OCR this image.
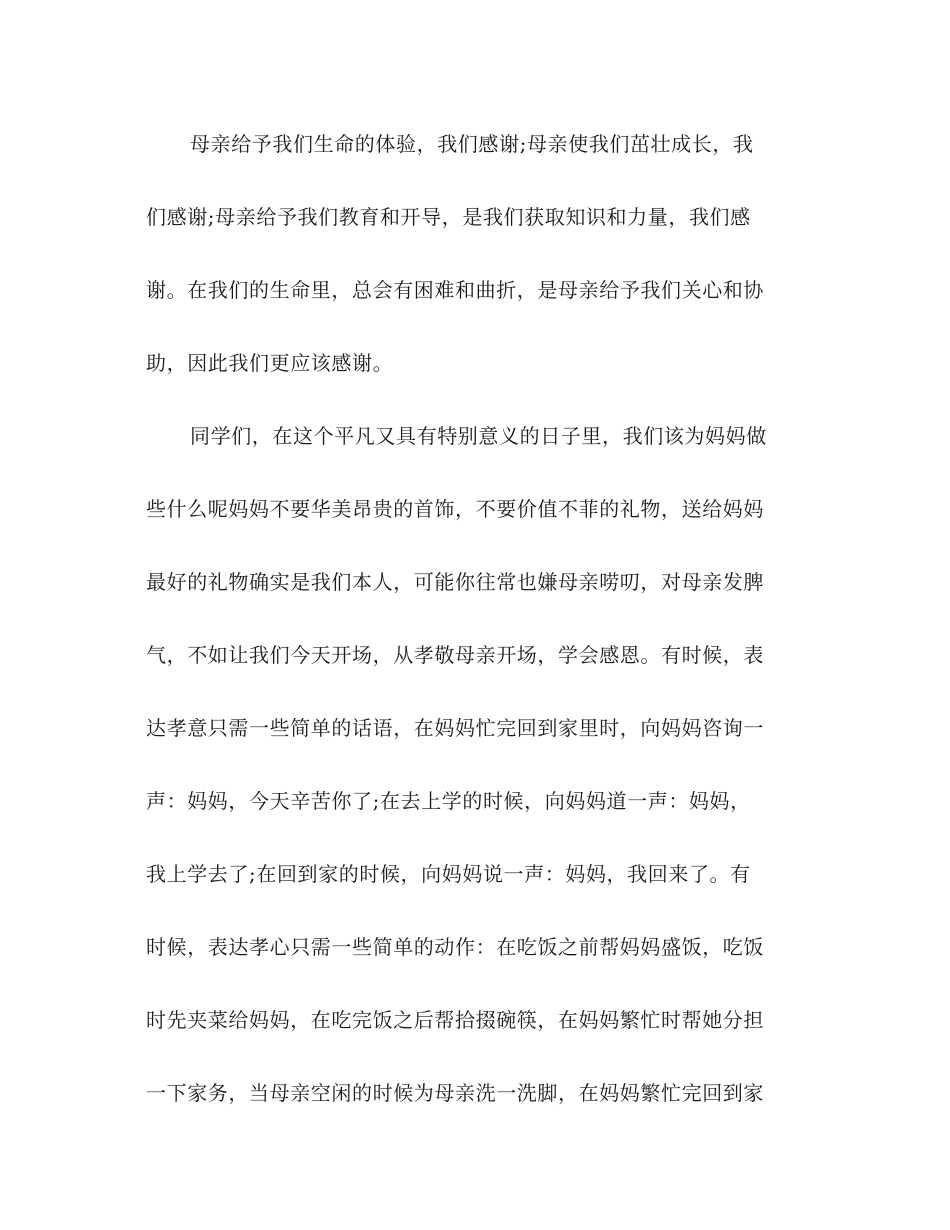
母亲给予我们生命的体验，我们感谢;母亲使我们茁壮成长，我
们感谢;母亲给予我们教育和开导，是我们获取知识和力量，我们感
谢。在我们的生命里，总会有困难和曲折，是母亲给予我们关心和协
助，因此我们更应该感谢。
同学们，在这个平凡又具有特别意义的日子里，我们该为妈妈做
些什么呢妈妈不要华美昂贵的首饰，不要价值不菲的礼物，送给妈妈
最好的礼物确实是我们本人，可能你往常也嫌母亲唠叨，对母亲发脾
气，不如让我们今天开场，从孝敬母亲开场，学会感恩。有时候，表
达孝意只需一些简单的话语，在妈妈忙完回到家里时，向妈妈咨询一
声：妈妈，今天辛苦你了;在去上学的时候，向妈妈道一声：妈妈，
我上学去了;在回到家的时候，向妈妈说一声：妈妈，我回来了。有
时候，表达孝心只需一些简单的动作：在吃饭之前帮妈妈盛饭，吃饭
时先夹菜给妈妈，在吃完饭之后帮拾掇碗筷，在妈妈繁忙时帮她分担
一下家务，当母亲空闲的时候为母亲洗一洗脚，在妈妈繁忙完回到家
